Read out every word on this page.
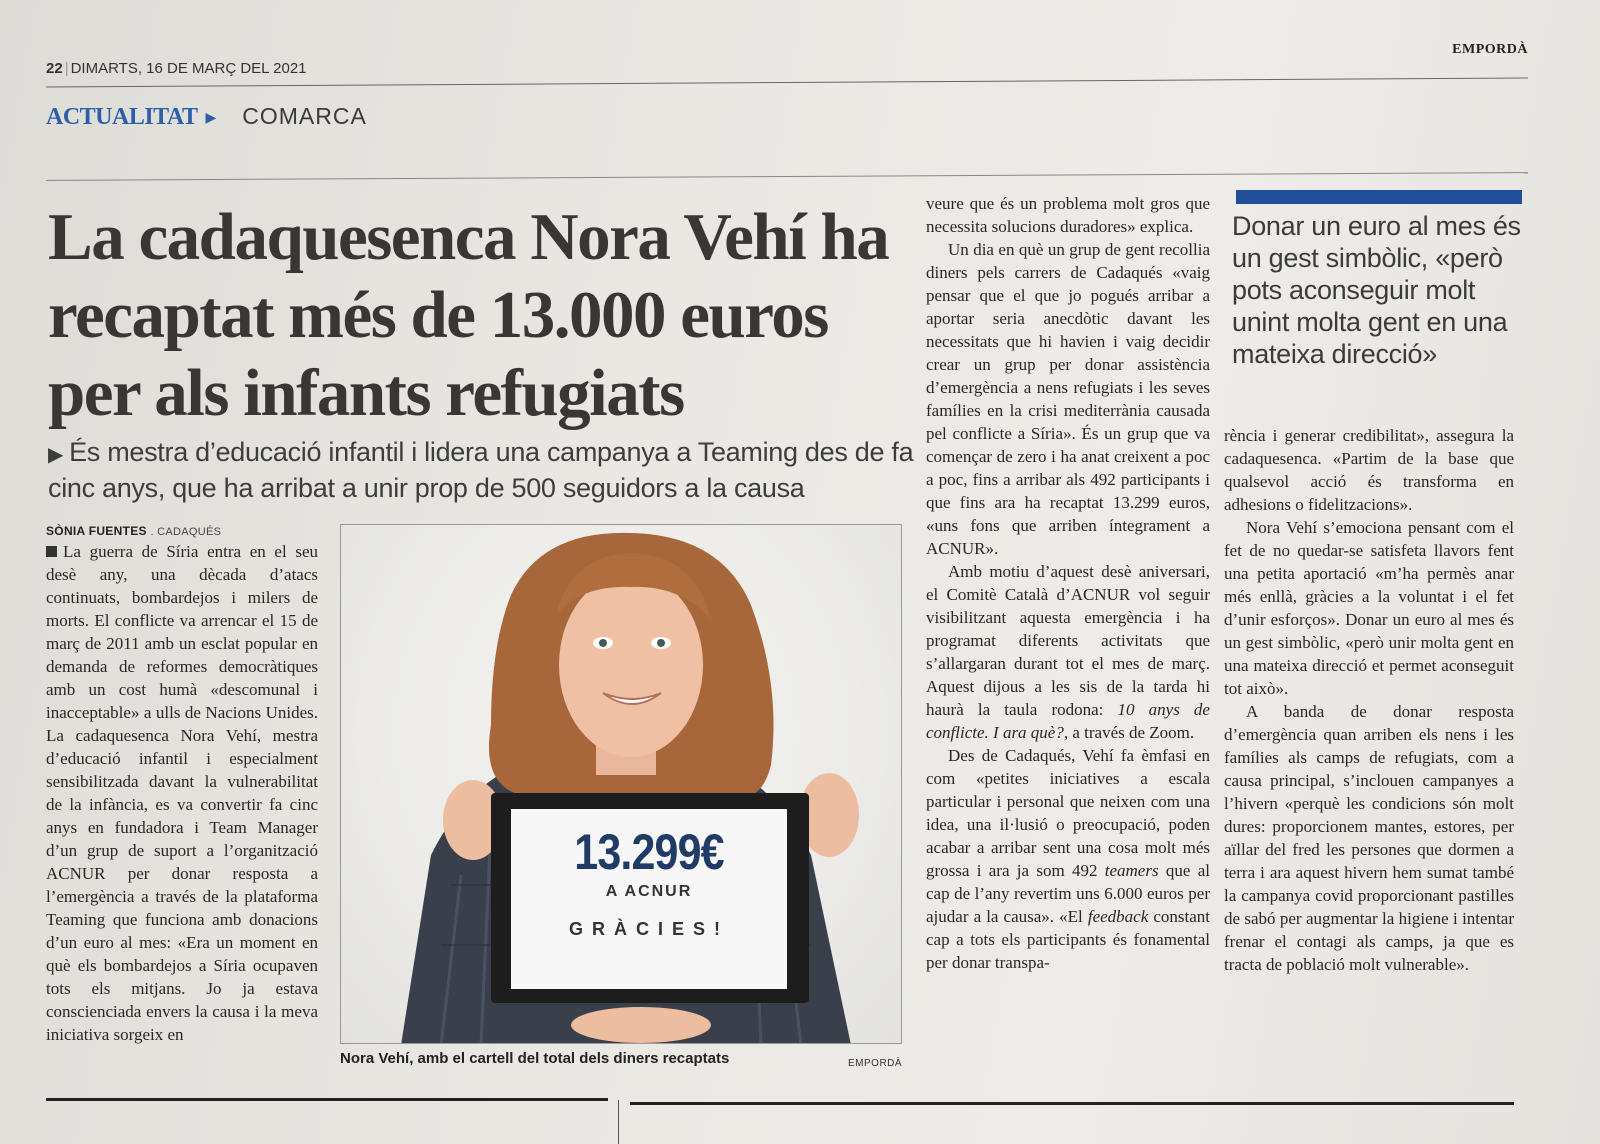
22 | DIMARTS, 16 DE MARÇ DEL 2021
EMPORDÀ
ACTUALITAT ▶ COMARCA
La cadaquesenca Nora Vehí ha recaptat més de 13.000 euros per als infants refugiats
▶ És mestra d’educació infantil i lidera una campanya a Teaming des de fa cinc anys, que ha arribat a unir prop de 500 seguidors a la causa
SÒNIA FUENTES . CADAQUÉS

La guerra de Síria entra en el seu desè any, una dècada d’atacs continuats, bombardejos i milers de morts. El conflicte va arrencar el 15 de març de 2011 amb un esclat popular en demanda de reformes democràtiques amb un cost humà «descomunal i inacceptable» a ulls de Nacions Unides. La cadaquesenca Nora Vehí, mestra d’educació infantil i especialment sensibilitzada davant la vulnerabilitat de la infància, es va convertir fa cinc anys en fundadora i Team Manager d’un grup de suport a l’organització ACNUR per donar resposta a l’emergència a través de la plataforma Teaming que funciona amb donacions d’un euro al mes: «Era un moment en què els bombardejos a Síria ocupaven tots els mitjans. Jo ja estava conscienciada envers la causa i la meva iniciativa sorgeix en

13.299€
A ACNUR
GRÀCIES!
Nora Vehí, amb el cartell del total dels diners recaptats	EMPORDÀ

veure que és un problema molt gros que necessita solucions duradores» explica.

Un dia en què un grup de gent recollia diners pels carrers de Cadaqués «vaig pensar que el que jo pogués arribar a aportar seria anecdòtic davant les necessitats que hi havien i vaig decidir crear un grup per donar assistència d’emergència a nens refugiats i les seves famílies en la crisi mediterrània causada pel conflicte a Síria». És un grup que va començar de zero i ha anat creixent a poc a poc, fins a arribar als 492 participants i que fins ara ha recaptat 13.299 euros, «uns fons que arriben íntegrament a ACNUR».

Amb motiu d’aquest desè aniversari, el Comitè Català d’ACNUR vol seguir visibilitzant aquesta emergència i ha programat diferents activitats que s’allargaran durant tot el mes de març. Aquest dijous a les sis de la tarda hi haurà la taula rodona: 10 anys de conflicte. I ara què?, a través de Zoom.

Des de Cadaqués, Vehí fa èmfasi en com «petites iniciatives a escala particular i personal que neixen com una idea, una il·lusió o preocupació, poden acabar a arribar sent una cosa molt més grossa i ara ja som 492 teamers que al cap de l’any revertim uns 6.000 euros per ajudar a la causa». «El feedback constant cap a tots els participants és fonamental per donar transpa-

Donar un euro al mes és un gest simbòlic, «però pots aconseguir molt unint molta gent en una mateixa direcció»

rència i generar credibilitat», assegura la cadaquesenca. «Partim de la base que qualsevol acció és transforma en adhesions o fidelitzacions».

Nora Vehí s’emociona pensant com el fet de no quedar-se satisfeta llavors fent una petita aportació «m’ha permès anar més enllà, gràcies a la voluntat i el fet d’unir esforços». Donar un euro al mes és un gest simbòlic, «però unir molta gent en una mateixa direcció et permet aconseguit tot això».

A banda de donar resposta d’emergència quan arriben els nens i les famílies als camps de refugiats, com a causa principal, s’inclouen campanyes a l’hivern «perquè les condicions són molt dures: proporcionem mantes, estores, per aïllar del fred les persones que dormen a terra i ara aquest hivern hem sumat també la campanya covid proporcionant pastilles de sabó per augmentar la higiene i intentar frenar el contagi als camps, ja que es tracta de població molt vulnerable».
